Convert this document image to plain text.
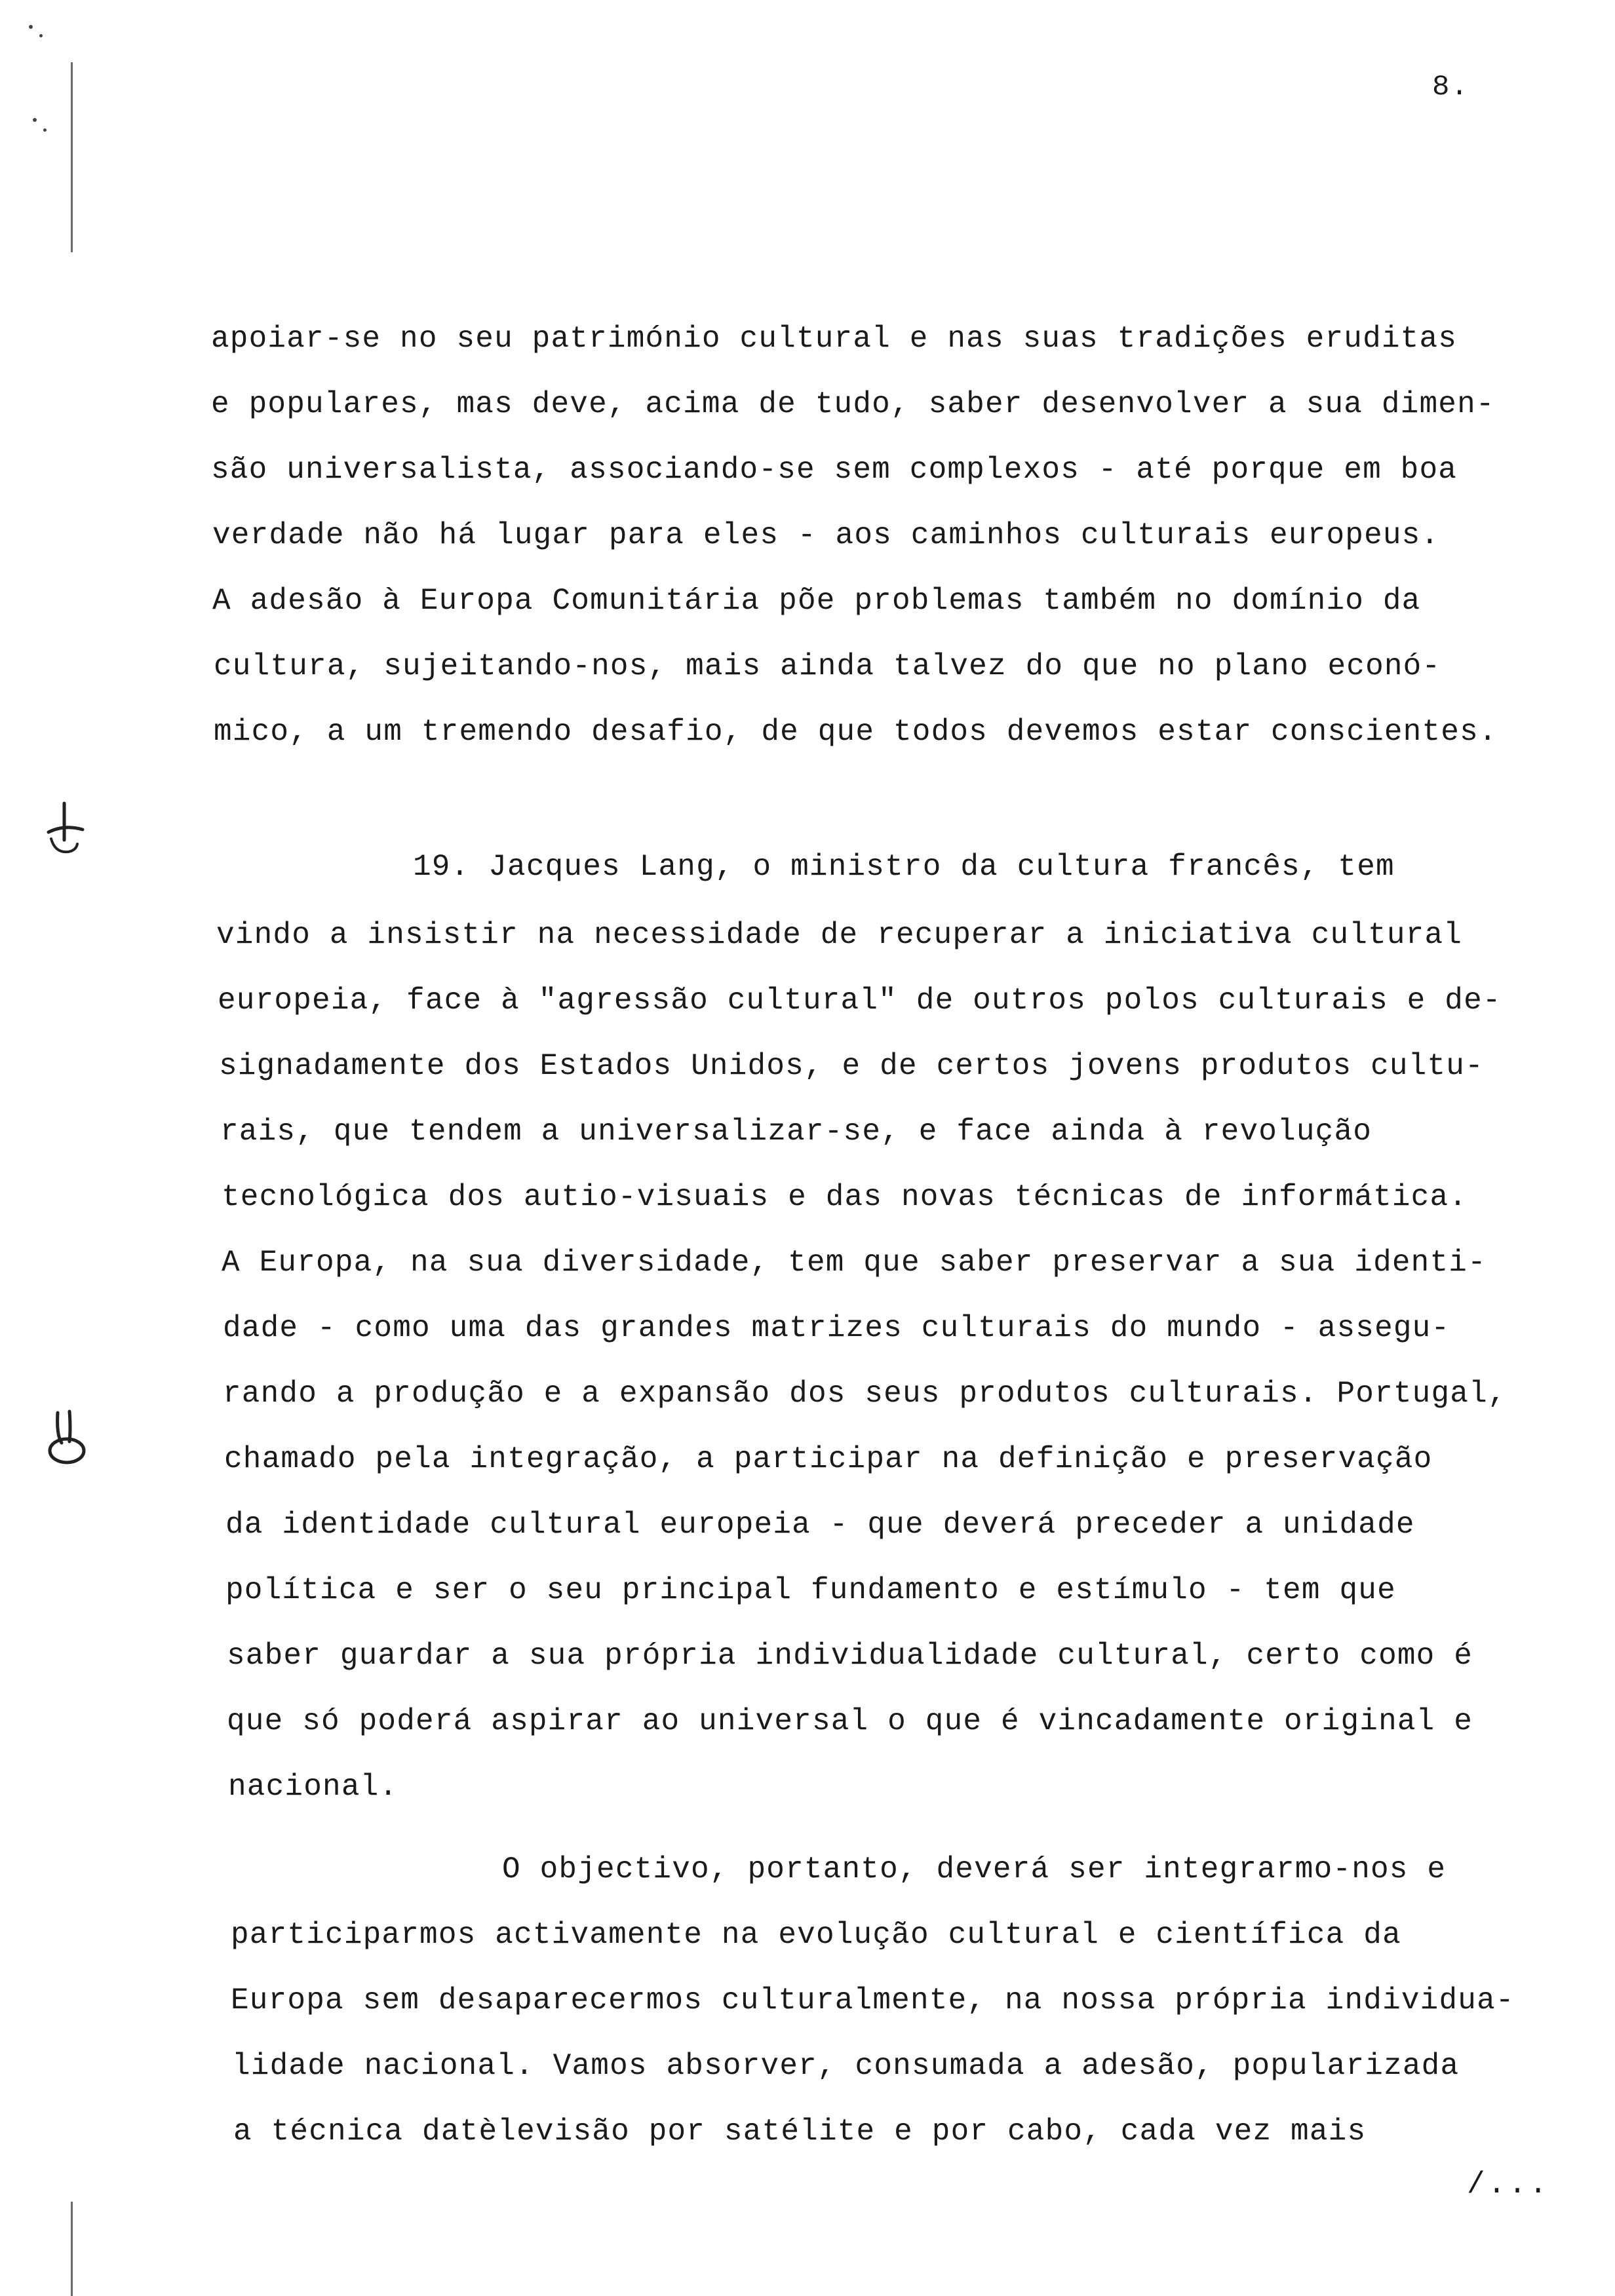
8.
apoiar-se no seu património cultural e nas suas tradições eruditas
e populares, mas deve, acima de tudo, saber desenvolver a sua dimen-
são universalista, associando-se sem complexos - até porque em boa
verdade não há lugar para eles - aos caminhos culturais europeus.
A adesão à Europa Comunitária põe problemas também no domínio da
cultura, sujeitando-nos, mais ainda talvez do que no plano econó-
mico, a um tremendo desafio, de que todos devemos estar conscientes.
19. Jacques Lang, o ministro da cultura francês, tem
vindo a insistir na necessidade de recuperar a iniciativa cultural
europeia, face à "agressão cultural" de outros polos culturais e de-
signadamente dos Estados Unidos, e de certos jovens produtos cultu-
rais, que tendem a universalizar-se, e face ainda à revolução
tecnológica dos autio-visuais e das novas técnicas de informática.
A Europa, na sua diversidade, tem que saber preservar a sua identi-
dade - como uma das grandes matrizes culturais do mundo - assegu-
rando a produção e a expansão dos seus produtos culturais. Portugal,
chamado pela integração, a participar na definição e preservação
da identidade cultural europeia - que deverá preceder a unidade
política e ser o seu principal fundamento e estímulo - tem que
saber guardar a sua própria individualidade cultural, certo como é
que só poderá aspirar ao universal o que é vincadamente original e
nacional.
O objectivo, portanto, deverá ser integrarmo-nos e
participarmos activamente na evolução cultural e científica da
Europa sem desaparecermos culturalmente, na nossa própria individua-
lidade nacional. Vamos absorver, consumada a adesão, popularizada
a técnica datèlevisão por satélite e por cabo, cada vez mais
/...
